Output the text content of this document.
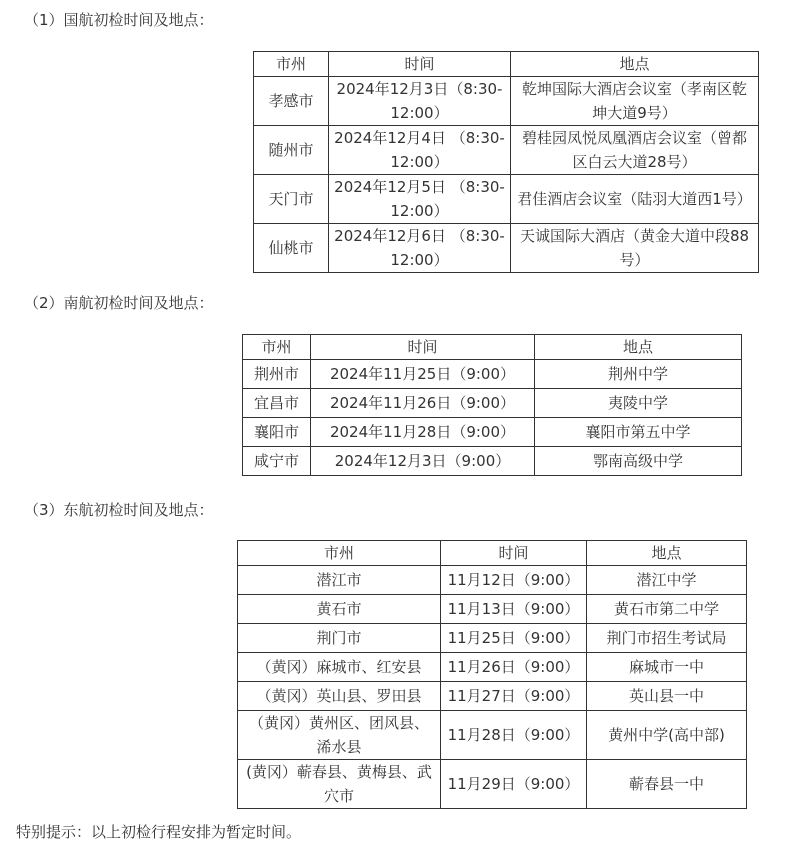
（1）国航初检时间及地点：

市州	时间	地点
孝感市	2024年12月3日（8:30-12:00）	乾坤国际大酒店会议室（孝南区乾坤大道9号）
随州市	2024年12月4日 （8:30-12:00）	碧桂园凤悦凤凰酒店会议室（曾都区白云大道28号）
天门市	2024年12月5日 （8:30-12:00）	君佳酒店会议室（陆羽大道西1号）
仙桃市	2024年12月6日 （8:30-12:00）	天诚国际大酒店（黄金大道中段88号）

（2）南航初检时间及地点：

市州	时间	地点
荆州市	2024年11月25日（9:00）	荆州中学
宜昌市	2024年11月26日（9:00）	夷陵中学
襄阳市	2024年11月28日（9:00）	襄阳市第五中学
咸宁市	2024年12月3日（9:00）	鄂南高级中学

（3）东航初检时间及地点：

市州	时间	地点
潜江市	11月12日（9:00）	潜江中学
黄石市	11月13日（9:00）	黄石市第二中学
荆门市	11月25日（9:00）	荆门市招生考试局
（黄冈）麻城市、红安县	11月26日（9:00）	麻城市一中
（黄冈）英山县、罗田县	11月27日（9:00）	英山县一中
（黄冈）黄州区、团风县、浠水县	11月28日（9:00）	黄州中学(高中部)
(黄冈）蕲春县、黄梅县、武穴市	11月29日（9:00）	蕲春县一中

特别提示：以上初检行程安排为暂定时间。
